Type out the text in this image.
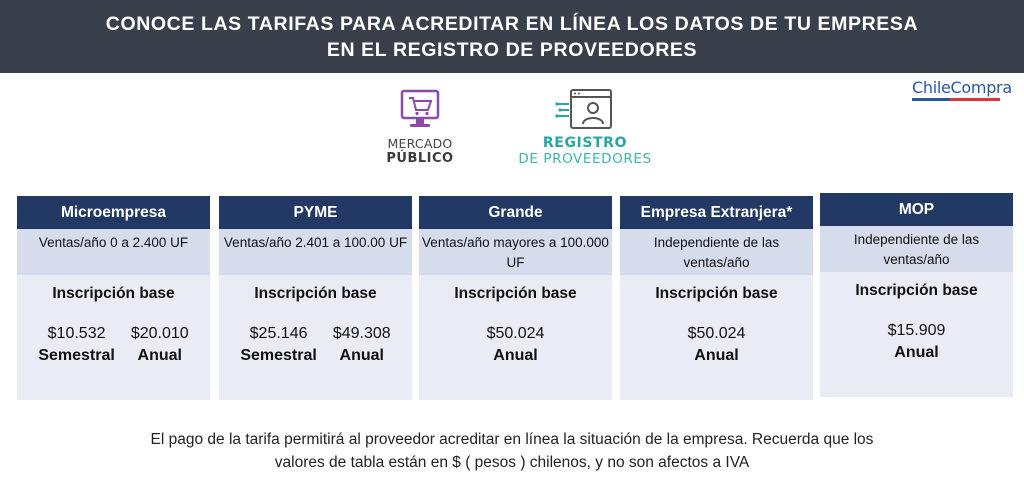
CONOCE LAS TARIFAS PARA ACREDITAR EN LÍNEA LOS DATOS DE TU EMPRESA
EN EL REGISTRO DE PROVEEDORES
ChileCompra
MERCADO
PÚBLICO
REGISTRO
DE PROVEEDORES
Microempresa
Ventas/año 0 a 2.400 UF
Inscripción base
$10.532
Semestral
$20.010
Anual
PYME
Ventas/año 2.401 a 100.00 UF
Inscripción base
$25.146
Semestral
$49.308
Anual
Grande
Ventas/año mayores a 100.000 UF
Inscripción base
$50.024
Anual
Empresa Extranjera*
Independiente de las ventas/año
Inscripción base
$50.024
Anual
MOP
Independiente de las ventas/año
Inscripción base
$15.909
Anual
El pago de la tarifa permitirá al proveedor acreditar en línea la situación de la empresa. Recuerda que los
valores de tabla están en $ ( pesos ) chilenos, y no son afectos a IVA
